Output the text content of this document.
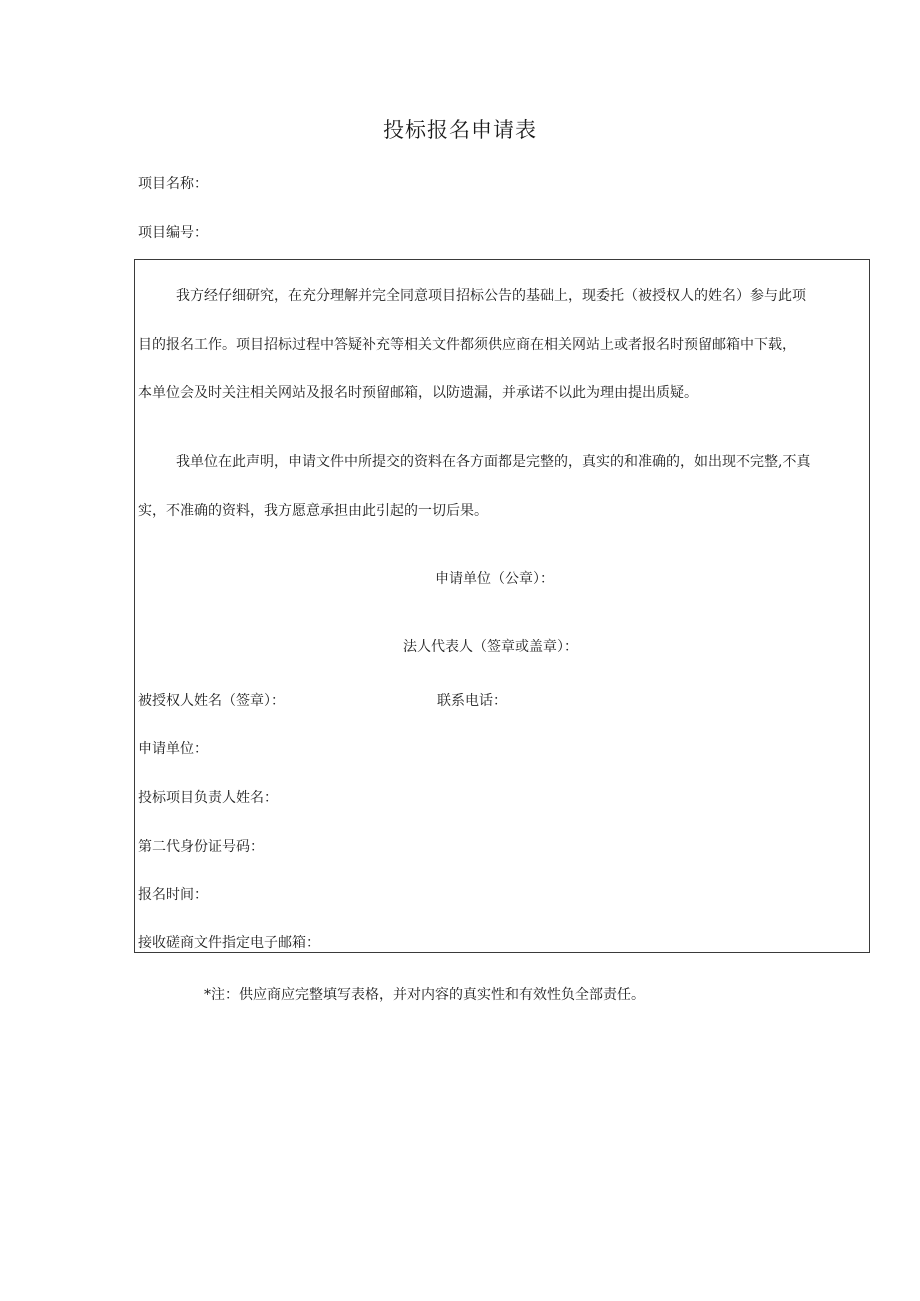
投标报名申请表
项目名称：
项目编号：
我方经仔细研究，在充分理解并完全同意项目招标公告的基础上，现委托（被授权人的姓名）参与此项
目的报名工作。项目招标过程中答疑补充等相关文件都须供应商在相关网站上或者报名时预留邮箱中下载，
本单位会及时关注相关网站及报名时预留邮箱，以防遗漏，并承诺不以此为理由提出质疑。
我单位在此声明，申请文件中所提交的资料在各方面都是完整的，真实的和准确的，如出现不完整,不真
实，不准确的资料，我方愿意承担由此引起的一切后果。
申请单位（公章）：
法人代表人（签章或盖章）：
被授权人姓名（签章）：	联系电话：
申请单位：
投标项目负责人姓名：
第二代身份证号码：
报名时间：
接收磋商文件指定电子邮箱：
*注：供应商应完整填写表格，并对内容的真实性和有效性负全部责任。
